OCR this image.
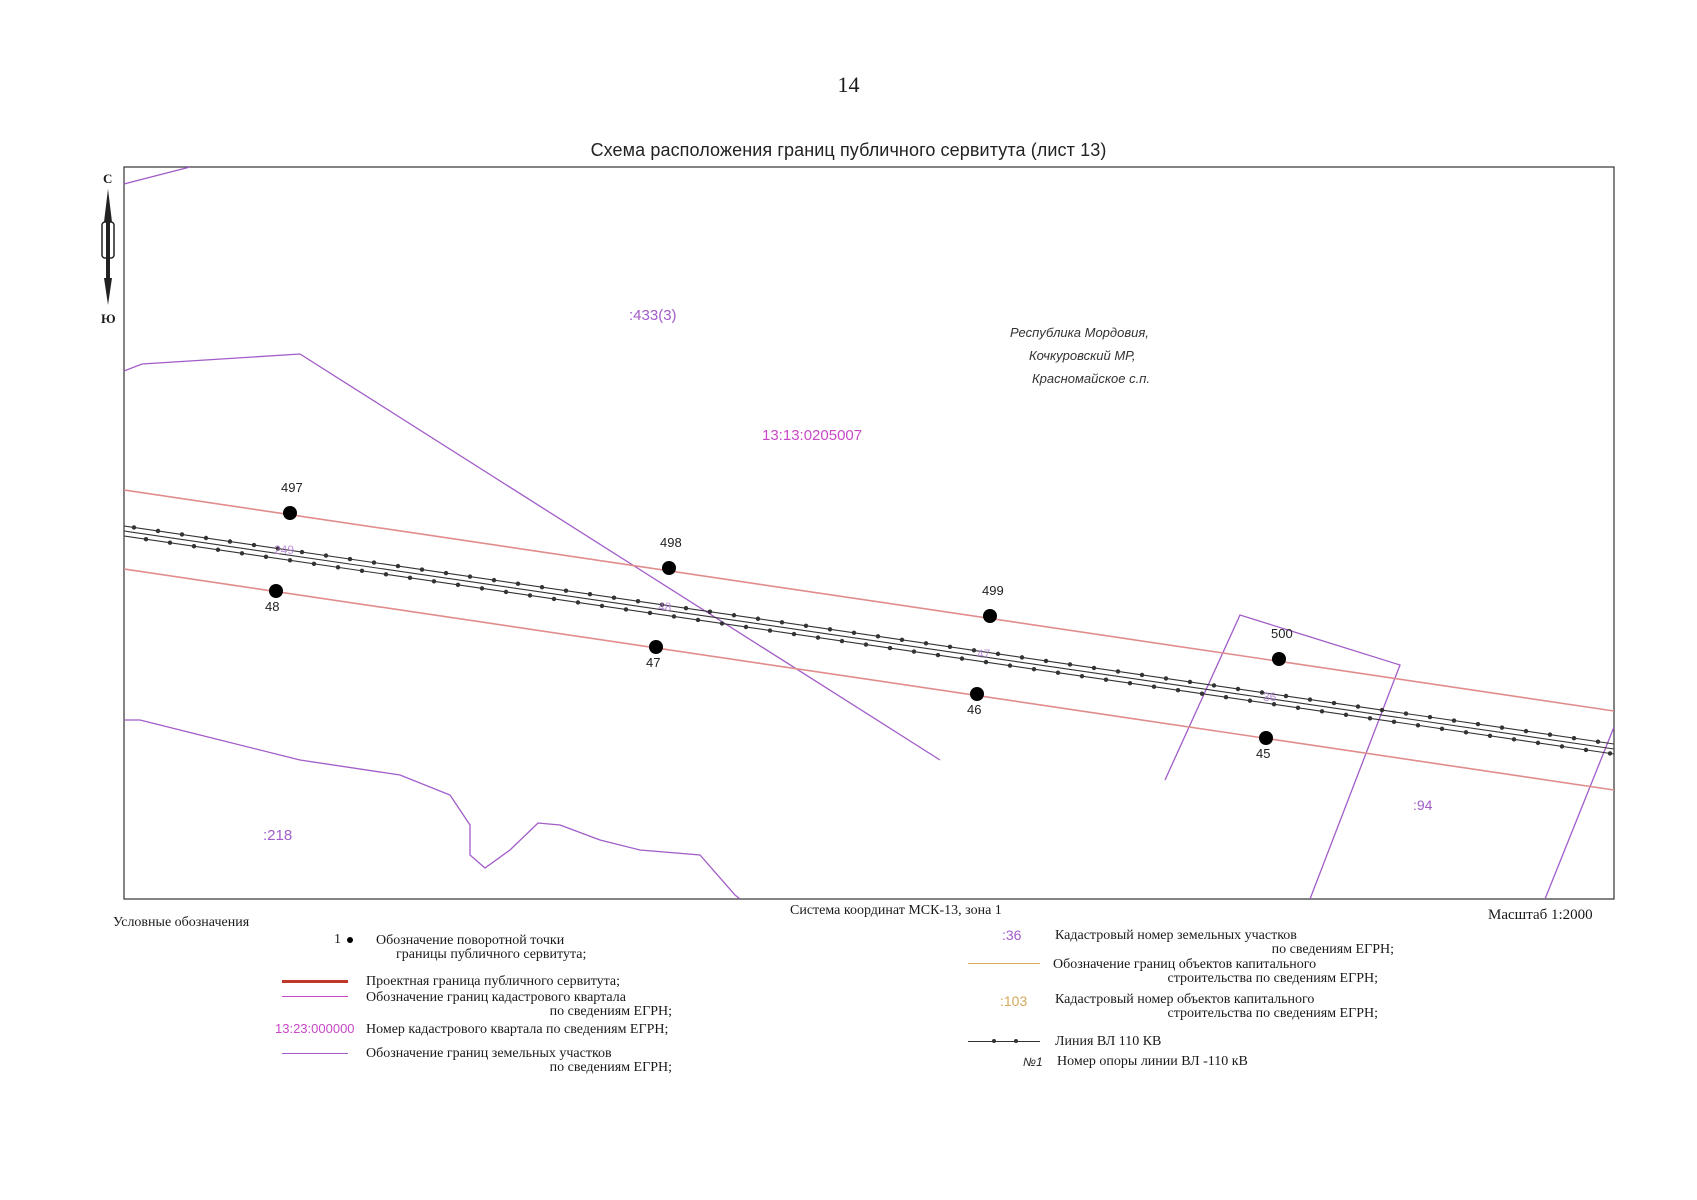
14
Схема расположения границ публичного сервитута (лист 13)
С
Ю
Республика Мордовия,
Кочкуровский МР,
Красномайское с.п.
13:13:0205007
:433(3)
:218
:94
249
48
47
36
497
498
499
500
48
47
46
45
Система координат МСК-13, зона 1	Масштаб 1:2000
Условные обозначения
1	Обозначение поворотной точки
границы публичного сервитута;
Проектная граница публичного сервитута;
Обозначение границ кадастрового квартала
по сведениям ЕГРН;
13:23:000000 Номер кадастрового квартала по сведениям ЕГРН;
Обозначение границ земельных участков
по сведениям ЕГРН;
:36 Кадастровый номер земельных участков
по сведениям ЕГРН;
Обозначение границ объектов капитального
строительства по сведениям ЕГРН;
:103 Кадастровый номер объектов капитального
строительства по сведениям ЕГРН;
Линия ВЛ 110 КВ
№1 Номер опоры линии ВЛ -110 кВ
